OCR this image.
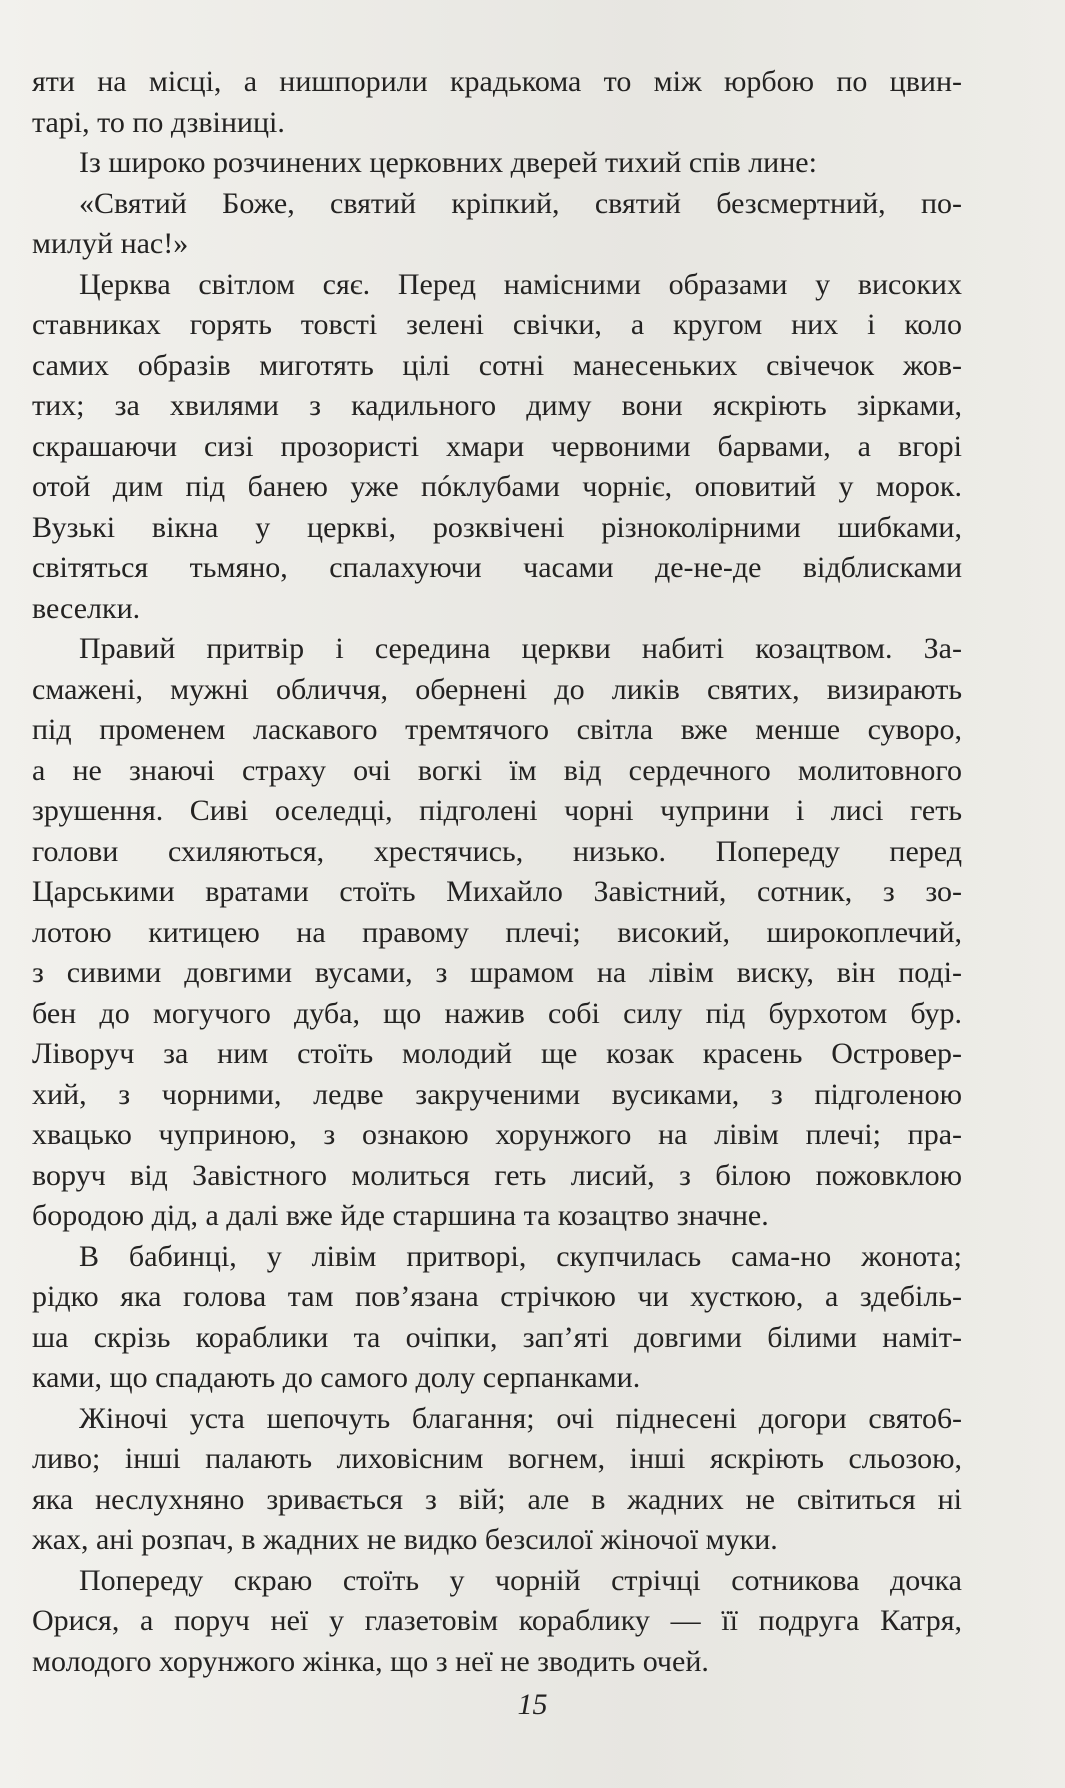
яти на місці, а нишпорили крадькома то між юрбою по цвин-
тарі, то по дзвіниці.
Із широко розчинених церковних дверей тихий спів лине:
«Святий Боже, святий кріпкий, святий безсмертний, по-
милуй нас!»
Церква світлом сяє. Перед намісними образами у високих
ставниках горять товсті зелені свічки, а кругом них і коло
самих образів миготять цілі сотні манесеньких свічечок жов-
тих; за хвилями з кадильного диму вони яскріють зірками,
скрашаючи сизі прозористі хмари червоними барвами, а вгорі
отой дим під банею уже пóклубами чорніє, оповитий у морок.
Вузькі вікна у церкві, розквічені різноколірними шибками,
світяться тьмяно, спалахуючи часами де-не-де відблисками
веселки.
Правий притвір і середина церкви набиті козацтвом. За-
смажені, мужні обличчя, обернені до ликів святих, визирають
під променем ласкавого тремтячого світла вже менше суворо,
а не знаючі страху очі вогкі їм від сердечного молитовного
зрушення. Сиві оселедці, підголені чорні чуприни і лисі геть
голови схиляються, хрестячись, низько. Попереду перед
Царськими вратами стоїть Михайло Завістний, сотник, з зо-
лотою китицею на правому плечі; високий, широкоплечий,
з сивими довгими вусами, з шрамом на лівім виску, він поді-
бен до могучого дуба, що нажив собі силу під бурхотом бур.
Ліворуч за ним стоїть молодий ще козак красень Островер-
хий, з чорними, ледве закрученими вусиками, з підголеною
хвацько чуприною, з ознакою хорунжого на лівім плечі; пра-
воруч від Завістного молиться геть лисий, з білою пожовклою
бородою дід, а далі вже йде старшина та козацтво значне.
В бабинці, у лівім притворі, скупчилась сама-но жонота;
рідко яка голова там пов’язана стрічкою чи хусткою, а здебіль-
ша скрізь кораблики та очіпки, зап’яті довгими білими наміт-
ками, що спадають до самого долу серпанками.
Жіночі уста шепочуть благання; очі піднесені догори свято6-
ливо; інші палають лиховісним вогнем, інші яскріють сльозою,
яка неслухняно зривається з вій; але в жадних не світиться ні
жах, ані розпач, в жадних не видко безсилої жіночої муки.
Попереду скраю стоїть у чорній стрічці сотникова дочка
Орися, а поруч неї у глазетовім кораблику — її подруга Катря,
молодого хорунжого жінка, що з неї не зводить очей.
15
